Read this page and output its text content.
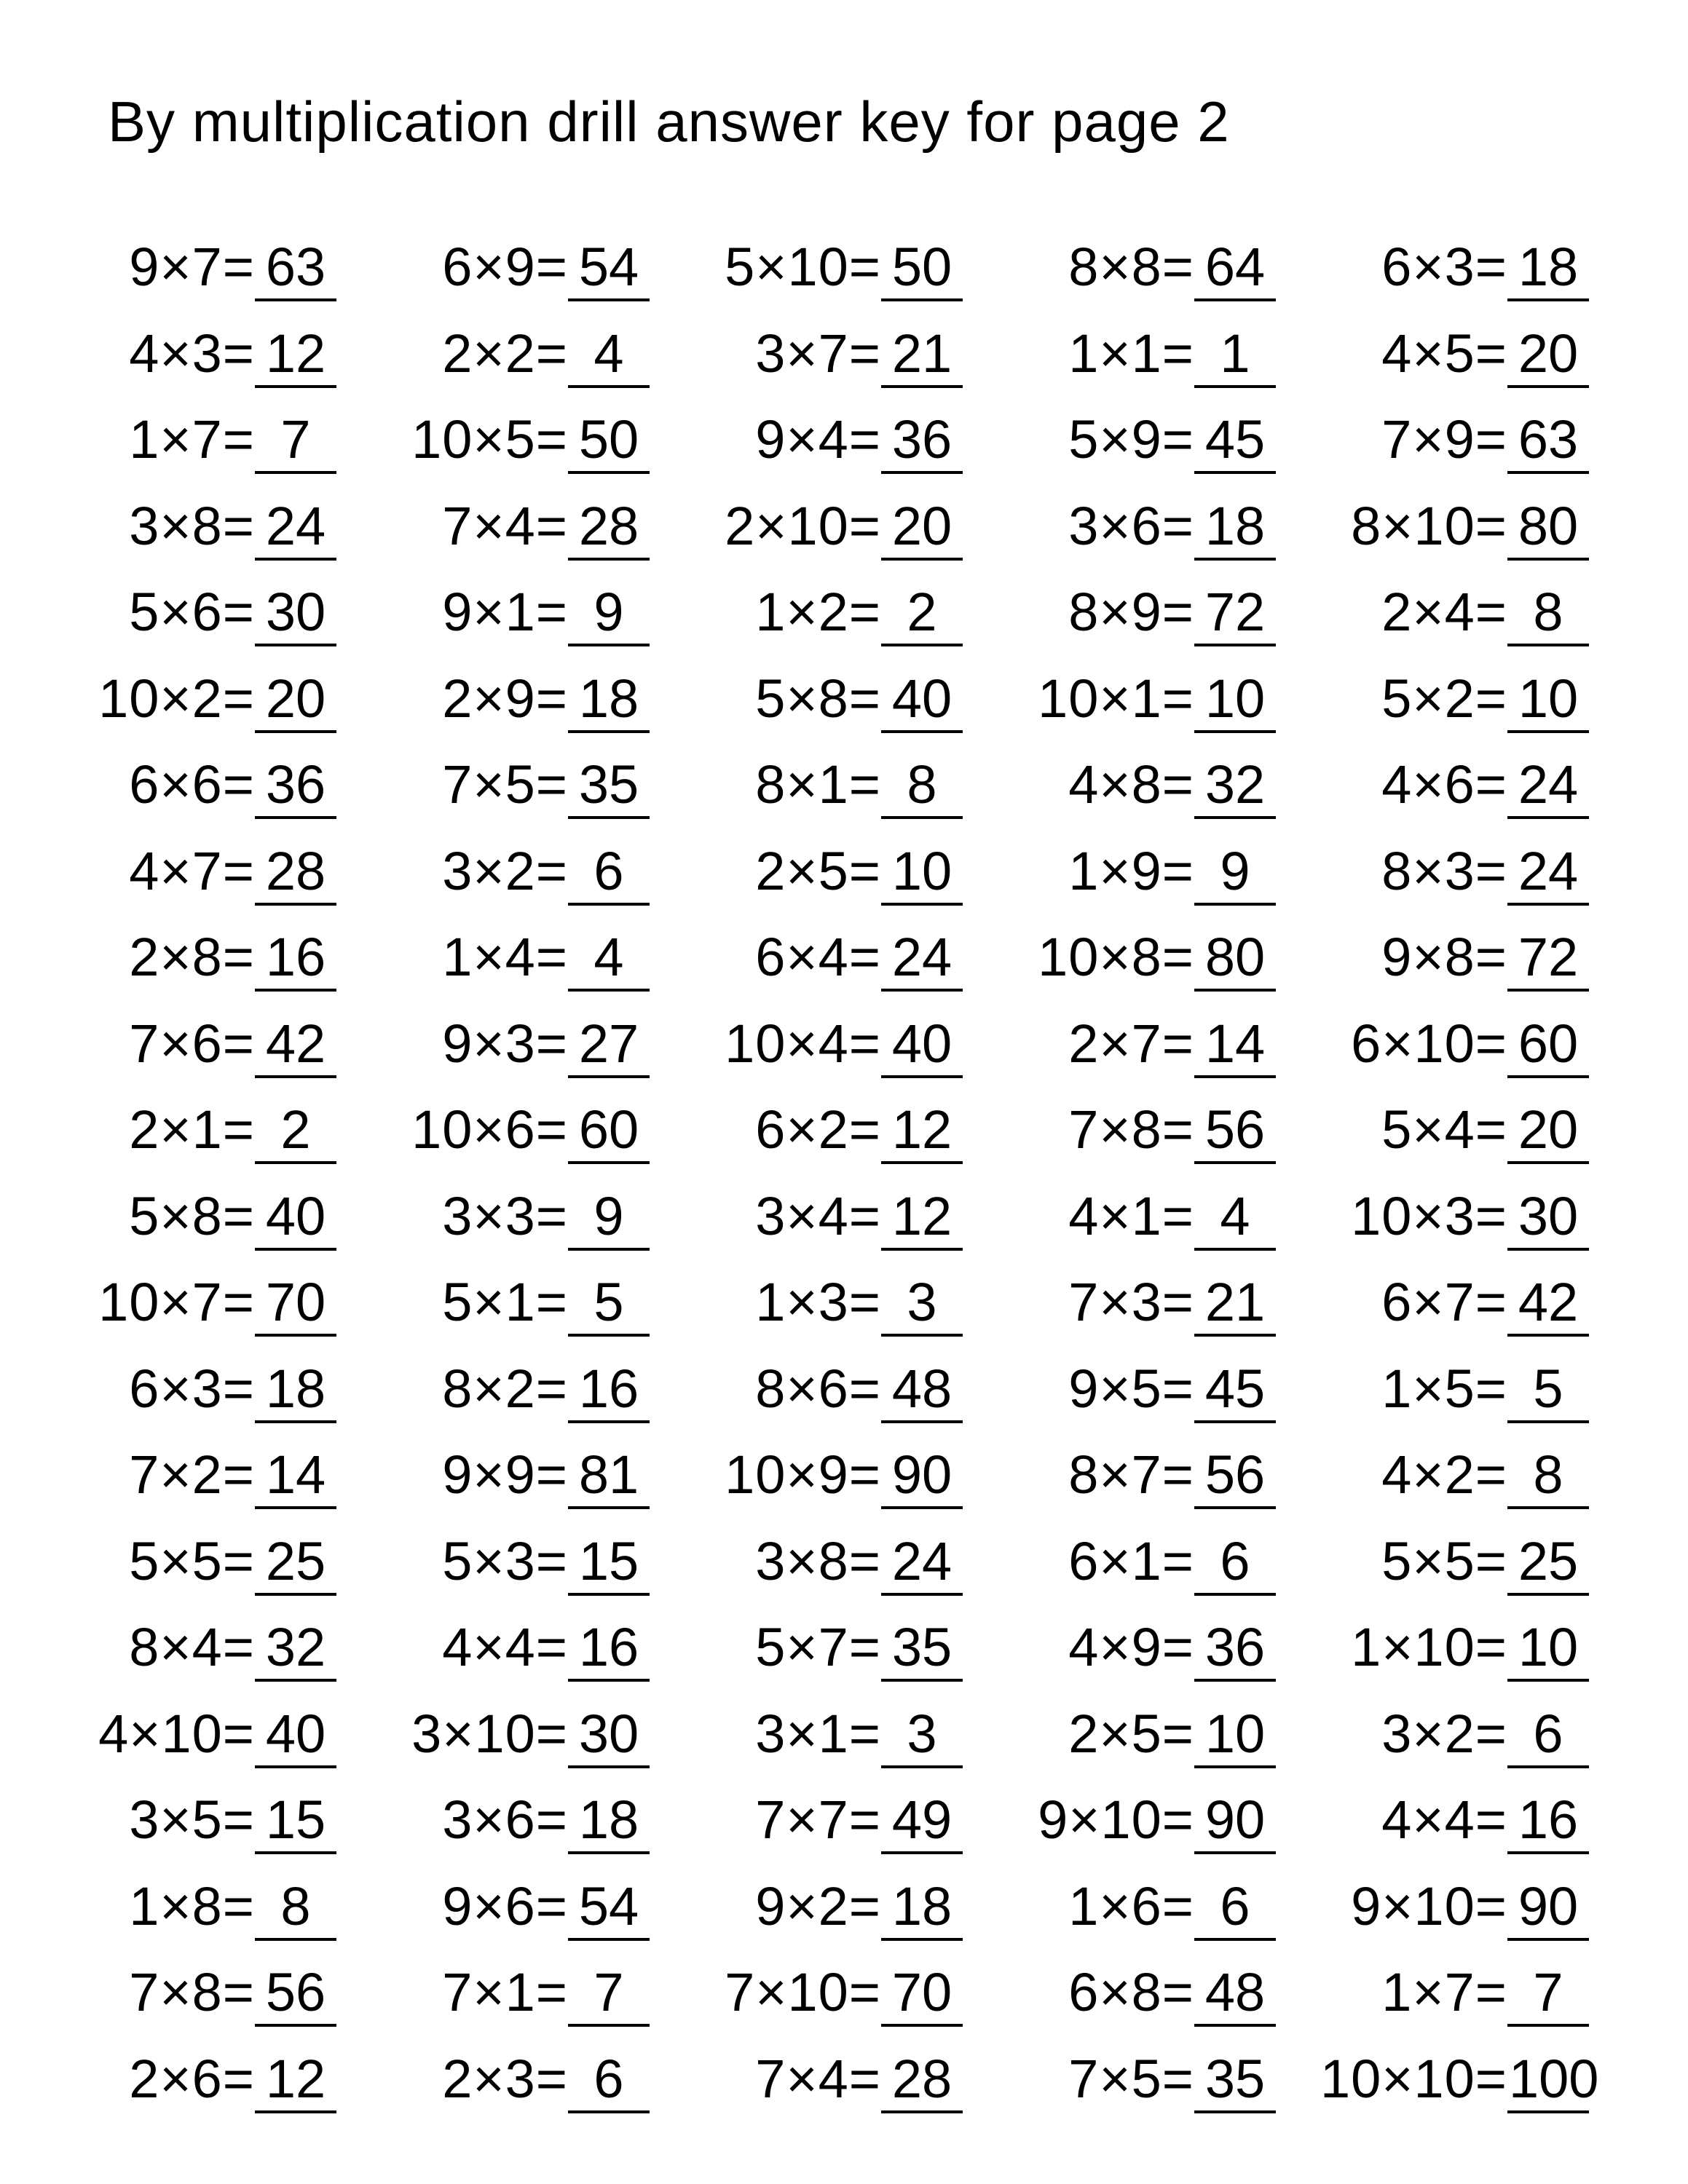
By multiplication drill answer key for page 2
9×7= 63
4×3= 12
1×7= 7
3×8= 24
5×6= 30
10×2= 20
6×6= 36
4×7= 28
2×8= 16
7×6= 42
2×1= 2
5×8= 40
10×7= 70
6×3= 18
7×2= 14
5×5= 25
8×4= 32
4×10= 40
3×5= 15
1×8= 8
7×8= 56
2×6= 12
6×9= 54
2×2= 4
10×5= 50
7×4= 28
9×1= 9
2×9= 18
7×5= 35
3×2= 6
1×4= 4
9×3= 27
10×6= 60
3×3= 9
5×1= 5
8×2= 16
9×9= 81
5×3= 15
4×4= 16
3×10= 30
3×6= 18
9×6= 54
7×1= 7
2×3= 6
5×10= 50
3×7= 21
9×4= 36
2×10= 20
1×2= 2
5×8= 40
8×1= 8
2×5= 10
6×4= 24
10×4= 40
6×2= 12
3×4= 12
1×3= 3
8×6= 48
10×9= 90
3×8= 24
5×7= 35
3×1= 3
7×7= 49
9×2= 18
7×10= 70
7×4= 28
8×8= 64
1×1= 1
5×9= 45
3×6= 18
8×9= 72
10×1= 10
4×8= 32
1×9= 9
10×8= 80
2×7= 14
7×8= 56
4×1= 4
7×3= 21
9×5= 45
8×7= 56
6×1= 6
4×9= 36
2×5= 10
9×10= 90
1×6= 6
6×8= 48
7×5= 35
6×3= 18
4×5= 20
7×9= 63
8×10= 80
2×4= 8
5×2= 10
4×6= 24
8×3= 24
9×8= 72
6×10= 60
5×4= 20
10×3= 30
6×7= 42
1×5= 5
4×2= 8
5×5= 25
1×10= 10
3×2= 6
4×4= 16
9×10= 90
1×7= 7
10×10= 100
